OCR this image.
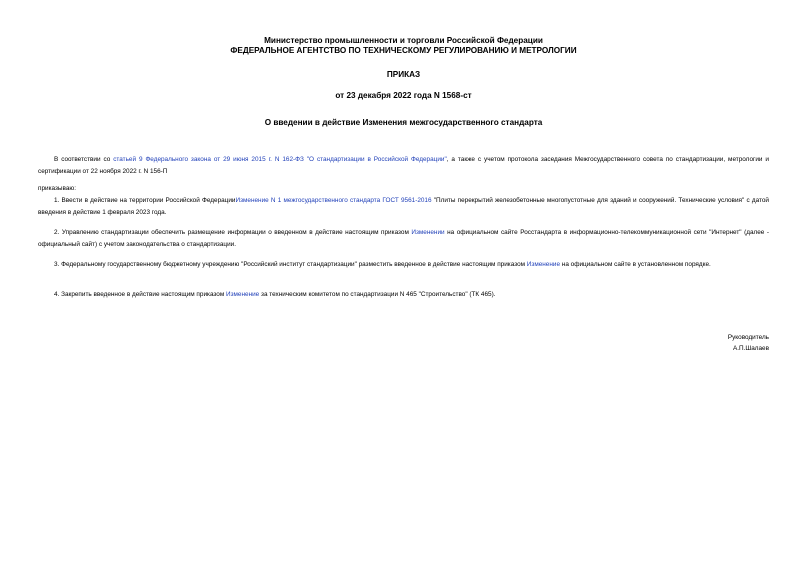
Министерство промышленности и торговли Российской Федерации
ФЕДЕРАЛЬНОЕ АГЕНТСТВО ПО ТЕХНИЧЕСКОМУ РЕГУЛИРОВАНИЮ И МЕТРОЛОГИИ
ПРИКАЗ
от 23 декабря 2022 года N 1568-ст
О введении в действие Изменения межгосударственного стандарта
В соответствии со статьей 9 Федерального закона от 29 июня 2015 г. N 162-ФЗ "О стандартизации в Российской Федерации", а также с учетом протокола заседания Межгосударственного совета по стандартизации, метрологии и сертификации от 22 ноября 2022 г. N 156-П
приказываю:
1. Ввести в действие на территории Российской ФедерацииИзменение N 1 межгосударственного стандарта ГОСТ 9561-2016 "Плиты перекрытий железобетонные многопустотные для зданий и сооружений. Технические условия" с датой введения в действие 1 февраля 2023 года.
2. Управлению стандартизации обеспечить размещение информации о введенном в действие настоящим приказом Изменении на официальном сайте Росстандарта в информационно-телекоммуникационной сети "Интернет" (далее - официальный сайт) с учетом законодательства о стандартизации.
3. Федеральному государственному бюджетному учреждению "Российский институт стандартизации" разместить введенное в действие настоящим приказом Изменение на официальном сайте в установленном порядке.
4. Закрепить введенное в действие настоящим приказом Изменение за техническим комитетом по стандартизации N 465 "Строительство" (ТК 465).
Руководитель
А.П.Шалаев
